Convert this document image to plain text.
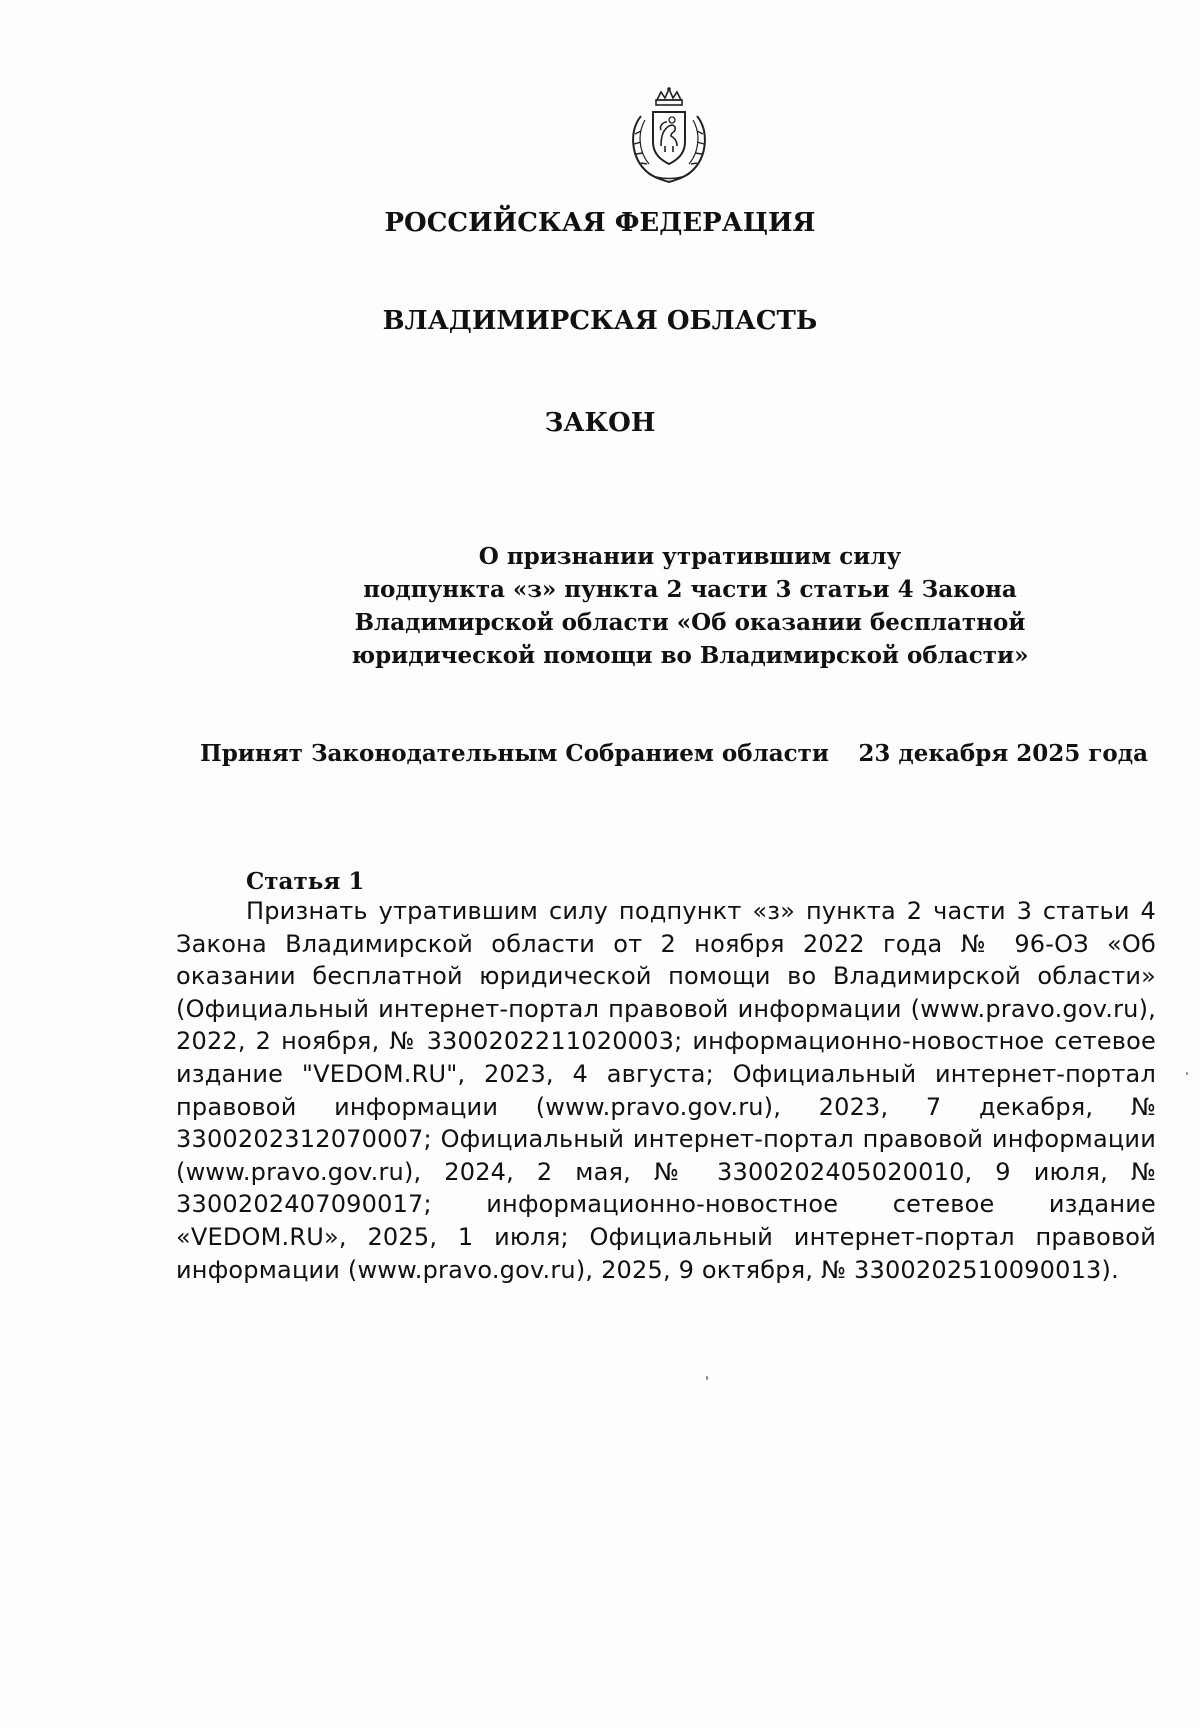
РОССИЙСКАЯ ФЕДЕРАЦИЯ
ВЛАДИМИРСКАЯ ОБЛАСТЬ
ЗАКОН
О признании утратившим силу
подпункта «з» пункта 2 части 3 статьи 4 Закона
Владимирской области «Об оказании бесплатной
юридической помощи во Владимирской области»
Принят Законодательным Собранием области 23 декабря 2025 года
Статья 1

Признать утратившим силу подпункт «з» пункта 2 части 3 статьи 4 Закона Владимирской области от 2 ноября 2022 года № 96-ОЗ «Об оказании бесплатной юридической помощи во Владимирской области» (Официальный интернет-портал правовой информации (www.pravo.gov.ru), 2022, 2 ноября, № 3300202211020003; информационно-новостное сетевое издание "VEDOM.RU", 2023, 4 августа; Официальный интернет-портал правовой информации (www.pravo.gov.ru), 2023, 7 декабря, № 3300202312070007; Официальный интернет-портал правовой информации (www.pravo.gov.ru), 2024, 2 мая, № 3300202405020010, 9 июля, № 3300202407090017; информационно-новостное сетевое издание «VEDOM.RU», 2025, 1 июля; Официальный интернет-портал правовой информации (www.pravo.gov.ru), 2025, 9 октября, № 3300202510090013).
